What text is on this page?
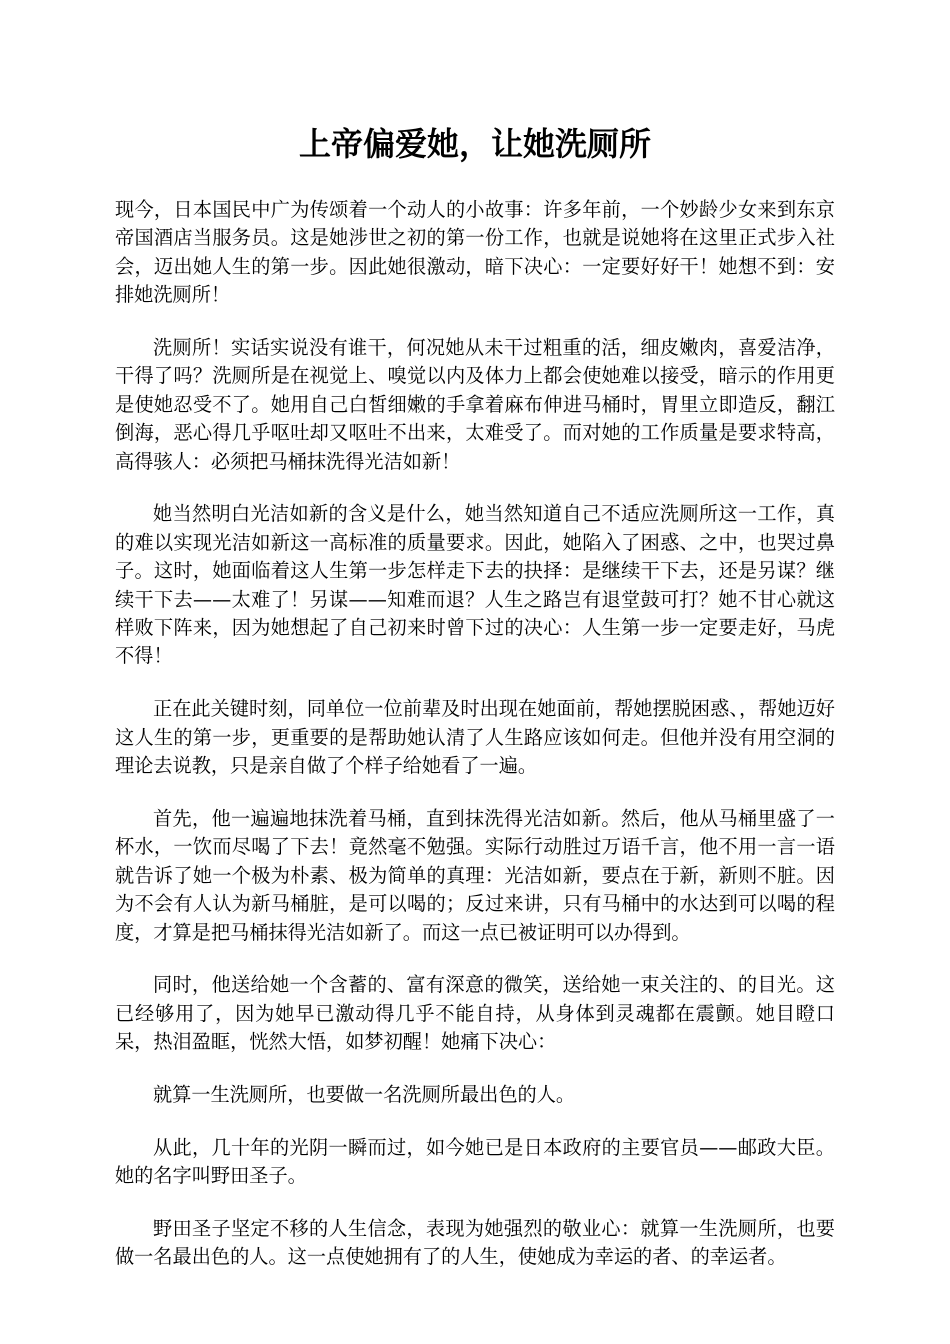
上帝偏爱她，让她洗厕所

现今，日本国民中广为传颂着一个动人的小故事：许多年前，一个妙龄少女来到东京帝国酒店当服务员。这是她涉世之初的第一份工作，也就是说她将在这里正式步入社会，迈出她人生的第一步。因此她很激动，暗下决心：一定要好好干！她想不到：安排她洗厕所！

洗厕所！实话实说没有谁干，何况她从未干过粗重的活，细皮嫩肉，喜爱洁净，干得了吗？洗厕所是在视觉上、嗅觉以内及体力上都会使她难以接受，暗示的作用更是使她忍受不了。她用自己白皙细嫩的手拿着麻布伸进马桶时，胃里立即造反，翻江倒海，恶心得几乎呕吐却又呕吐不出来，太难受了。而对她的工作质量是要求特高，高得骇人：必须把马桶抹洗得光洁如新！

她当然明白光洁如新的含义是什么，她当然知道自己不适应洗厕所这一工作，真的难以实现光洁如新这一高标准的质量要求。因此，她陷入了困惑、之中，也哭过鼻子。这时，她面临着这人生第一步怎样走下去的抉择：是继续干下去，还是另谋？继续干下去——太难了！另谋——知难而退？人生之路岂有退堂鼓可打？她不甘心就这样败下阵来，因为她想起了自己初来时曾下过的决心：人生第一步一定要走好，马虎不得！

正在此关键时刻，同单位一位前辈及时出现在她面前，帮她摆脱困惑、，帮她迈好这人生的第一步，更重要的是帮助她认清了人生路应该如何走。但他并没有用空洞的理论去说教，只是亲自做了个样子给她看了一遍。

首先，他一遍遍地抹洗着马桶，直到抹洗得光洁如新。然后，他从马桶里盛了一杯水，一饮而尽喝了下去！竟然毫不勉强。实际行动胜过万语千言，他不用一言一语就告诉了她一个极为朴素、极为简单的真理：光洁如新，要点在于新，新则不脏。因为不会有人认为新马桶脏，是可以喝的；反过来讲，只有马桶中的水达到可以喝的程度，才算是把马桶抹得光洁如新了。而这一点已被证明可以办得到。

同时，他送给她一个含蓄的、富有深意的微笑，送给她一束关注的、的目光。这已经够用了，因为她早已激动得几乎不能自持，从身体到灵魂都在震颤。她目瞪口呆，热泪盈眶，恍然大悟，如梦初醒！她痛下决心：

就算一生洗厕所，也要做一名洗厕所最出色的人。

从此，几十年的光阴一瞬而过，如今她已是日本政府的主要官员——邮政大臣。她的名字叫野田圣子。

野田圣子坚定不移的人生信念，表现为她强烈的敬业心：就算一生洗厕所，也要做一名最出色的人。这一点使她拥有了的人生，使她成为幸运的者、的幸运者。
